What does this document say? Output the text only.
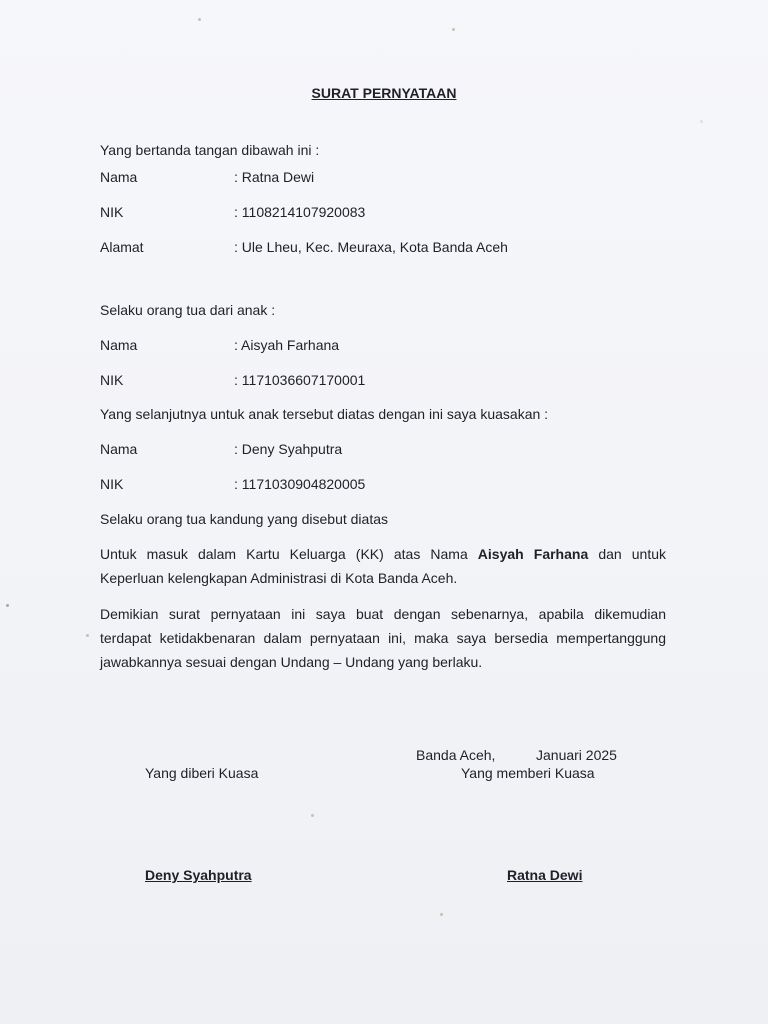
SURAT PERNYATAAN
Yang bertanda tangan dibawah ini :
Nama	: Ratna Dewi
NIK	: 1108214107920083
Alamat	: Ule Lheu, Kec. Meuraxa, Kota Banda Aceh
Selaku orang tua dari anak :
Nama	: Aisyah Farhana
NIK	: 1171036607170001
Yang selanjutnya untuk anak tersebut diatas dengan ini saya kuasakan :
Nama	: Deny Syahputra
NIK	: 1171030904820005
Selaku orang tua kandung yang disebut diatas
Untuk masuk dalam Kartu Keluarga (KK) atas Nama Aisyah Farhana dan untuk
Keperluan kelengkapan Administrasi di Kota Banda Aceh.
Demikian surat pernyataan ini saya buat dengan sebenarnya, apabila dikemudian
terdapat ketidakbenaran dalam pernyataan ini, maka saya bersedia mempertanggung
jawabkannya sesuai dengan Undang – Undang yang berlaku.
Banda Aceh,	Januari 2025
Yang diberi Kuasa	Yang memberi Kuasa
Deny Syahputra	Ratna Dewi
